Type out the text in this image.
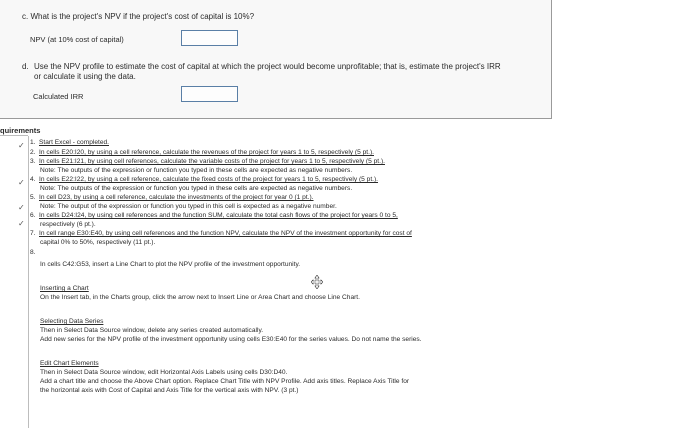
c. What is the project's NPV if the project's cost of capital is 10%?
NPV (at 10% cost of capital)
d. Use the NPV profile to estimate the cost of capital at which the project would become unprofitable; that is, estimate the project's IRR
or calculate it using the data.
Calculated IRR
quirements
✓
✓
✓
✓
1. Start Excel - completed.
2. In cells E20:I20, by using a cell reference, calculate the revenues of the project for years 1 to 5, respectively (5 pt.).
3. In cells E21:I21, by using cell references, calculate the variable costs of the project for years 1 to 5, respectively (5 pt.).
Note: The outputs of the expression or function you typed in these cells are expected as negative numbers.
4. In cells E22:I22, by using a cell reference, calculate the fixed costs of the project for years 1 to 5, respectively (5 pt.).
Note: The outputs of the expression or function you typed in these cells are expected as negative numbers.
5. In cell D23, by using a cell reference, calculate the investments of the project for year 0 (1 pt.).
Note: The output of the expression or function you typed in this cell is expected as a negative number.
6. In cells D24:I24, by using cell references and the function SUM, calculate the total cash flows of the project for years 0 to 5,
respectively (6 pt.).
7. In cell range E30:E40, by using cell references and the function NPV, calculate the NPV of the investment opportunity for cost of
capital 0% to 50%, respectively (11 pt.).
8.
In cells C42:G53, insert a Line Chart to plot the NPV profile of the investment opportunity.
Inserting a Chart
On the Insert tab, in the Charts group, click the arrow next to Insert Line or Area Chart and choose Line Chart.
Selecting Data Series
Then in Select Data Source window, delete any series created automatically.
Add new series for the NPV profile of the investment opportunity using cells E30:E40 for the series values. Do not name the series.
Edit Chart Elements
Then in Select Data Source window, edit Horizontal Axis Labels using cells D30:D40.
Add a chart title and choose the Above Chart option. Replace Chart Title with NPV Profile. Add axis titles. Replace Axis Title for
the horizontal axis with Cost of Capital and Axis Title for the vertical axis with NPV. (3 pt.)
